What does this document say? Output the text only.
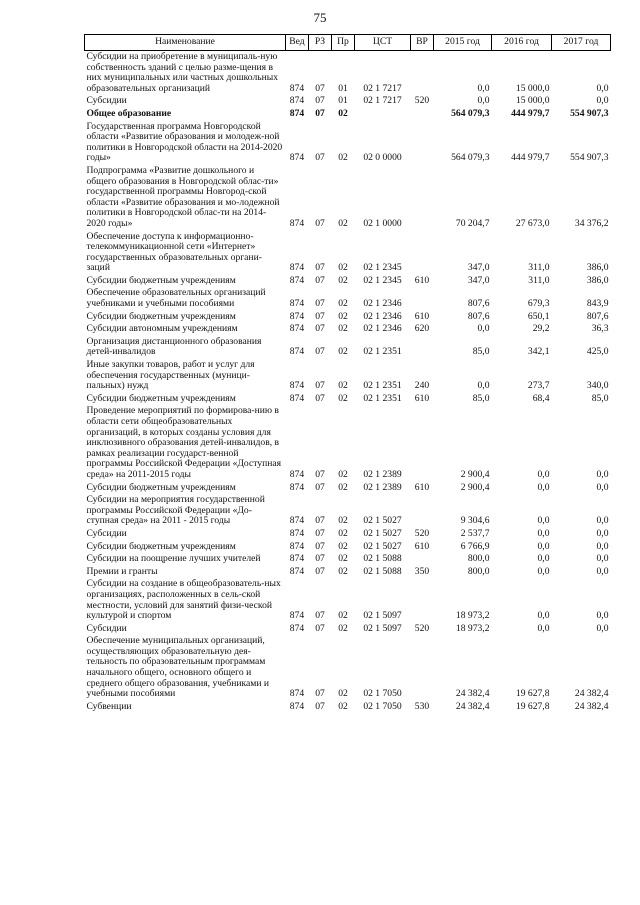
75
Наименование	Вед	РЗ	Пр	ЦСТ	ВР	2015 год	2016 год	2017 год
Субсидии на приобретение в муниципаль-ную собственность зданий с целью разме-щения в них муниципальных или частных дошкольных образовательных организаций	874	07	01	02 1 7217		0,0	15 000,0	0,0
Субсидии	874	07	01	02 1 7217	520	0,0	15 000,0	0,0
Общее образование	874	07	02			564 079,3	444 979,7	554 907,3
Государственная программа Новгородской области «Развитие образования и молодеж-ной политики в Новгородской области на 2014-2020 годы»	874	07	02	02 0 0000		564 079,3	444 979,7	554 907,3
Подпрограмма «Развитие дошкольного и общего образования в Новгородской облас-ти» государственной программы Новгород-ской области «Развитие образования и мо-лодежной политики в Новгородской облас-ти на 2014-2020 годы»	874	07	02	02 1 0000		70 204,7	27 673,0	34 376,2
Обеспечение доступа к информационно-телекоммуникационной сети «Интернет» государственных образовательных органи-заций	874	07	02	02 1 2345		347,0	311,0	386,0
Субсидии бюджетным учреждениям	874	07	02	02 1 2345	610	347,0	311,0	386,0
Обеспечение образовательных организаций учебниками и учебными пособиями	874	07	02	02 1 2346		807,6	679,3	843,9
Субсидии бюджетным учреждениям	874	07	02	02 1 2346	610	807,6	650,1	807,6
Субсидии автономным учреждениям	874	07	02	02 1 2346	620	0,0	29,2	36,3
Организация дистанционного образования детей-инвалидов	874	07	02	02 1 2351		85,0	342,1	425,0
Иные закупки товаров, работ и услуг для обеспечения государственных (муници-пальных) нужд	874	07	02	02 1 2351	240	0,0	273,7	340,0
Субсидии бюджетным учреждениям	874	07	02	02 1 2351	610	85,0	68,4	85,0
Проведение мероприятий по формирова-нию в области сети общеобразовательных организаций, в которых созданы условия для инклюзивного образования детей-инвалидов, в рамках реализации государст-венной программы Российской Федерации «Доступная среда» на 2011-2015 годы	874	07	02	02 1 2389		2 900,4	0,0	0,0
Субсидии бюджетным учреждениям	874	07	02	02 1 2389	610	2 900,4	0,0	0,0
Субсидии на мероприятия государственной программы Российской Федерации «До-ступная среда» на 2011 - 2015 годы	874	07	02	02 1 5027		9 304,6	0,0	0,0
Субсидии	874	07	02	02 1 5027	520	2 537,7	0,0	0,0
Субсидии бюджетным учреждениям	874	07	02	02 1 5027	610	6 766,9	0,0	0,0
Субсидии на поощрение лучших учителей	874	07	02	02 1 5088		800,0	0,0	0,0
Премии и гранты	874	07	02	02 1 5088	350	800,0	0,0	0,0
Субсидии на создание в общеобразователь-ных организациях, расположенных в сель-ской местности, условий для занятий физи-ческой культурой и спортом	874	07	02	02 1 5097		18 973,2	0,0	0,0
Субсидии	874	07	02	02 1 5097	520	18 973,2	0,0	0,0
Обеспечение муниципальных организаций, осуществляющих образовательную дея-тельность по образовательным программам начального общего, основного общего и среднего общего образования, учебниками и учебными пособиями	874	07	02	02 1 7050		24 382,4	19 627,8	24 382,4
Субвенции	874	07	02	02 1 7050	530	24 382,4	19 627,8	24 382,4
